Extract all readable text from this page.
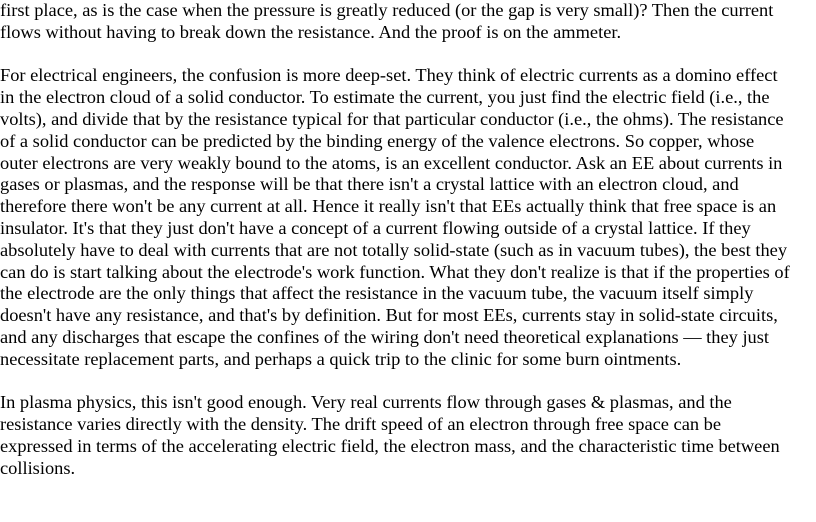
first place, as is the case when the pressure is greatly reduced (or the gap is very small)? Then the current
flows without having to break down the resistance. And the proof is on the ammeter.

For electrical engineers, the confusion is more deep-set. They think of electric currents as a domino effect
in the electron cloud of a solid conductor. To estimate the current, you just find the electric field (i.e., the
volts), and divide that by the resistance typical for that particular conductor (i.e., the ohms). The resistance
of a solid conductor can be predicted by the binding energy of the valence electrons. So copper, whose
outer electrons are very weakly bound to the atoms, is an excellent conductor. Ask an EE about currents in
gases or plasmas, and the response will be that there isn't a crystal lattice with an electron cloud, and
therefore there won't be any current at all. Hence it really isn't that EEs actually think that free space is an
insulator. It's that they just don't have a concept of a current flowing outside of a crystal lattice. If they
absolutely have to deal with currents that are not totally solid-state (such as in vacuum tubes), the best they
can do is start talking about the electrode's work function. What they don't realize is that if the properties of
the electrode are the only things that affect the resistance in the vacuum tube, the vacuum itself simply
doesn't have any resistance, and that's by definition. But for most EEs, currents stay in solid-state circuits,
and any discharges that escape the confines of the wiring don't need theoretical explanations — they just
necessitate replacement parts, and perhaps a quick trip to the clinic for some burn ointments.

In plasma physics, this isn't good enough. Very real currents flow through gases & plasmas, and the
resistance varies directly with the density. The drift speed of an electron through free space can be
expressed in terms of the accelerating electric field, the electron mass, and the characteristic time between
collisions.
